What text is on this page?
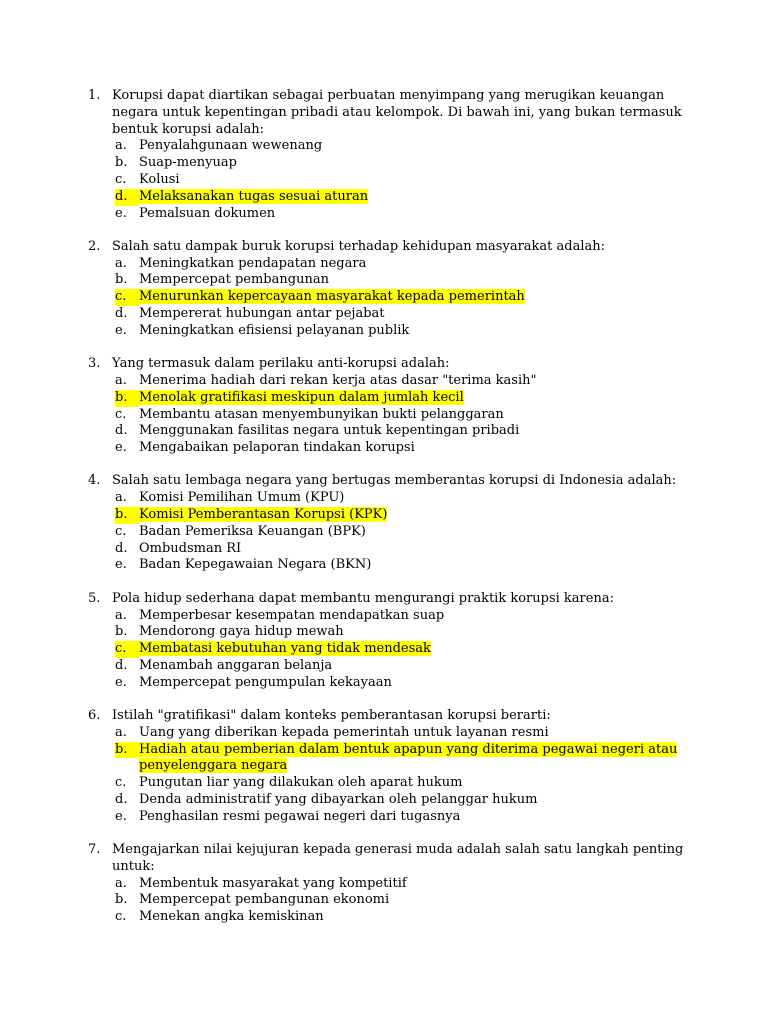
1. Korupsi dapat diartikan sebagai perbuatan menyimpang yang merugikan keuangan negara untuk kepentingan pribadi atau kelompok. Di bawah ini, yang bukan termasuk bentuk korupsi adalah:
a. Penyalahgunaan wewenang
b. Suap-menyuap
c. Kolusi
d. Melaksanakan tugas sesuai aturan
e. Pemalsuan dokumen
2. Salah satu dampak buruk korupsi terhadap kehidupan masyarakat adalah:
a. Meningkatkan pendapatan negara
b. Mempercepat pembangunan
c. Menurunkan kepercayaan masyarakat kepada pemerintah
d. Mempererat hubungan antar pejabat
e. Meningkatkan efisiensi pelayanan publik
3. Yang termasuk dalam perilaku anti-korupsi adalah:
a. Menerima hadiah dari rekan kerja atas dasar "terima kasih"
b. Menolak gratifikasi meskipun dalam jumlah kecil
c. Membantu atasan menyembunyikan bukti pelanggaran
d. Menggunakan fasilitas negara untuk kepentingan pribadi
e. Mengabaikan pelaporan tindakan korupsi
4. Salah satu lembaga negara yang bertugas memberantas korupsi di Indonesia adalah:
a. Komisi Pemilihan Umum (KPU)
b. Komisi Pemberantasan Korupsi (KPK)
c. Badan Pemeriksa Keuangan (BPK)
d. Ombudsman RI
e. Badan Kepegawaian Negara (BKN)
5. Pola hidup sederhana dapat membantu mengurangi praktik korupsi karena:
a. Memperbesar kesempatan mendapatkan suap
b. Mendorong gaya hidup mewah
c. Membatasi kebutuhan yang tidak mendesak
d. Menambah anggaran belanja
e. Mempercepat pengumpulan kekayaan
6. Istilah "gratifikasi" dalam konteks pemberantasan korupsi berarti:
a. Uang yang diberikan kepada pemerintah untuk layanan resmi
b. Hadiah atau pemberian dalam bentuk apapun yang diterima pegawai negeri atau penyelenggara negara
c. Pungutan liar yang dilakukan oleh aparat hukum
d. Denda administratif yang dibayarkan oleh pelanggar hukum
e. Penghasilan resmi pegawai negeri dari tugasnya
7. Mengajarkan nilai kejujuran kepada generasi muda adalah salah satu langkah penting untuk:
a. Membentuk masyarakat yang kompetitif
b. Mempercepat pembangunan ekonomi
c. Menekan angka kemiskinan
